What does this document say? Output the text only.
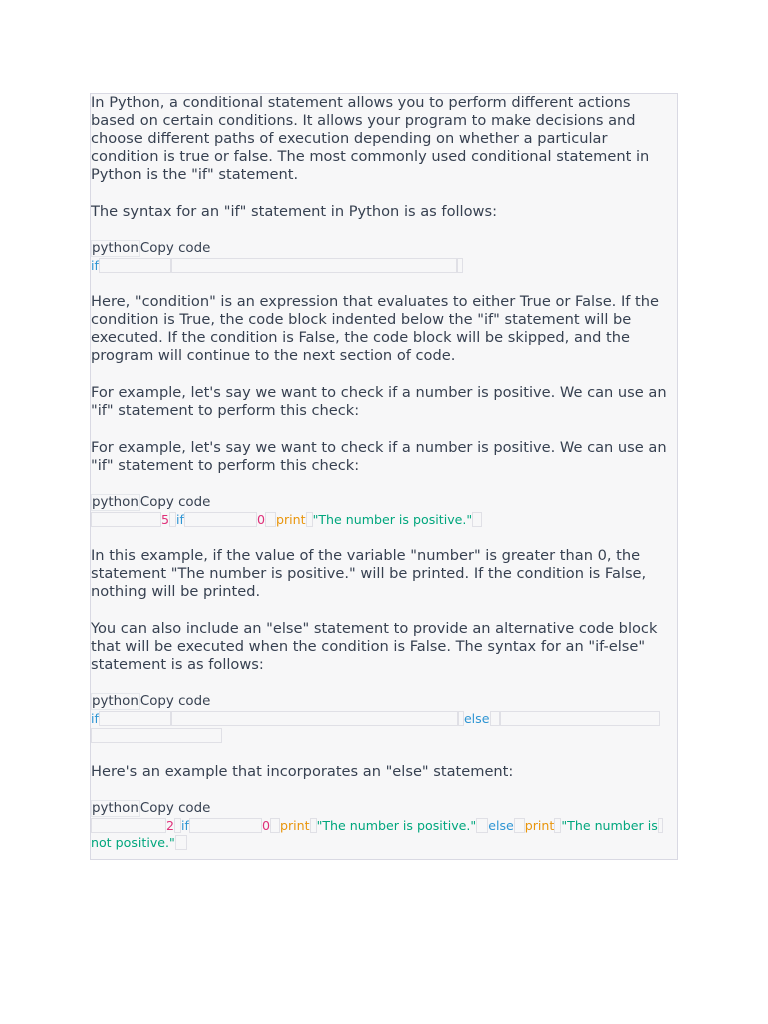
In Python, a conditional statement allows you to perform different actions based on certain conditions. It allows your program to make decisions and choose different paths of execution depending on whether a particular condition is true or false. The most commonly used conditional statement in Python is the "if" statement.

The syntax for an "if" statement in Python is as follows:

pythonCopy code
if

Here, "condition" is an expression that evaluates to either True or False. If the condition is True, the code block indented below the "if" statement will be executed. If the condition is False, the code block will be skipped, and the program will continue to the next section of code.

For example, let's say we want to check if a number is positive. We can use an "if" statement to perform this check:

For example, let's say we want to check if a number is positive. We can use an "if" statement to perform this check:

pythonCopy code
5 if	0 print "The number is positive."

In this example, if the value of the variable "number" is greater than 0, the statement "The number is positive." will be printed. If the condition is False, nothing will be printed.

You can also include an "else" statement to provide an alternative code block that will be executed when the condition is False. The syntax for an "if-else" statement is as follows:

pythonCopy code
if	else

Here's an example that incorporates an "else" statement:

pythonCopy code
2 if	0 print "The number is positive." else print "The number is
not positive."
